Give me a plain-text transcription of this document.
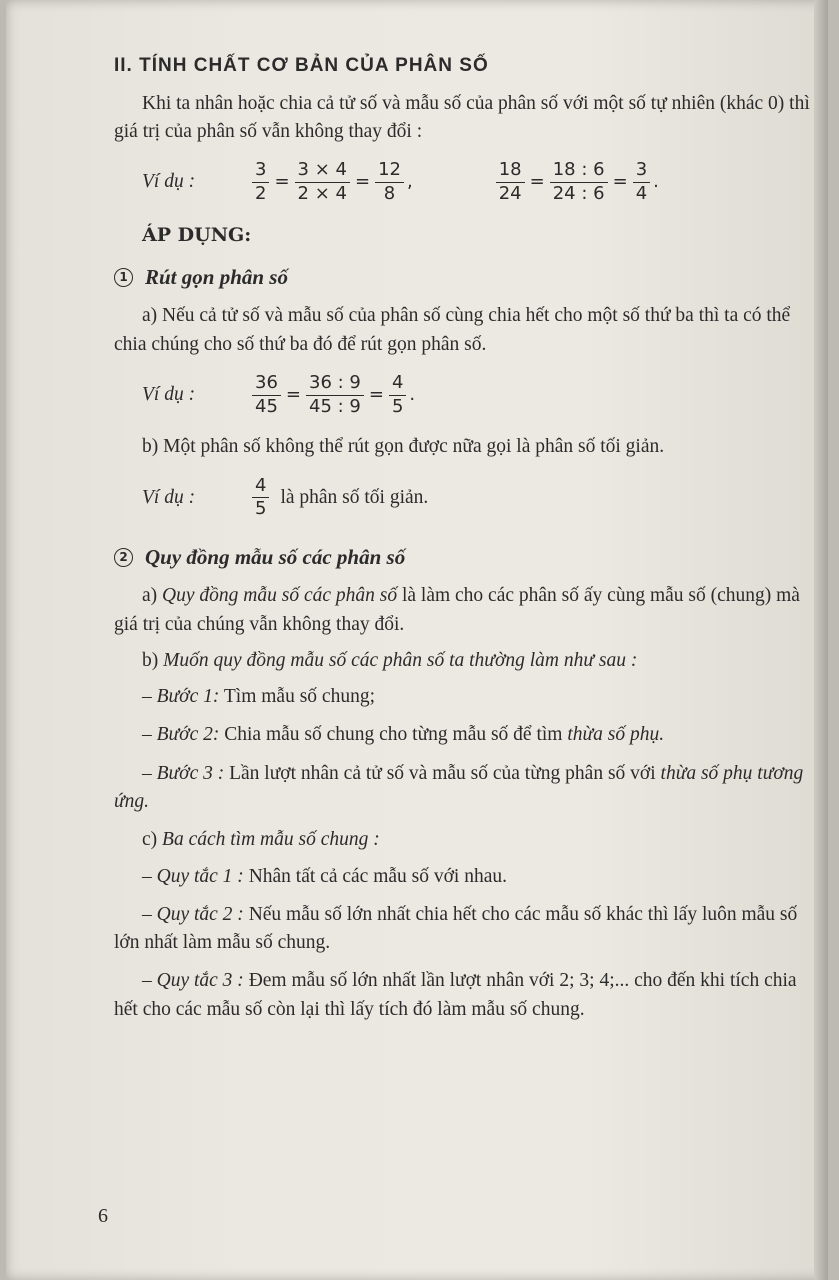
II. TÍNH CHẤT CƠ BẢN CỦA PHÂN SỐ

Khi ta nhân hoặc chia cả tử số và mẫu số của phân số với một số tự nhiên (khác 0) thì giá trị của phân số vẫn không thay đổi :

Ví dụ :	$\frac{3}{2} = \frac{3 \times 4}{2 \times 4} = \frac{12}{8}$ ,	$\frac{18}{24} = \frac{18 : 6}{24 : 6} = \frac{3}{4}$ .
ÁP DỤNG:
1 Rút gọn phân số

a) Nếu cả tử số và mẫu số của phân số cùng chia hết cho một số thứ ba thì ta có thể chia chúng cho số thứ ba đó để rút gọn phân số.

Ví dụ :	$\frac{36}{45} = \frac{36 : 9}{45 : 9} = \frac{4}{5}$ .

b) Một phân số không thể rút gọn được nữa gọi là phân số tối giản.

Ví dụ :	$\frac{4}{5}$ là phân số tối giản.
2 Quy đồng mẫu số các phân số

a) Quy đồng mẫu số các phân số là làm cho các phân số ấy cùng mẫu số (chung) mà giá trị của chúng vẫn không thay đổi.

b) Muốn quy đồng mẫu số các phân số ta thường làm như sau :

– Bước 1: Tìm mẫu số chung;

– Bước 2: Chia mẫu số chung cho từng mẫu số để tìm thừa số phụ.

– Bước 3 : Lần lượt nhân cả tử số và mẫu số của từng phân số với thừa số phụ tương ứng.

c) Ba cách tìm mẫu số chung :

– Quy tắc 1 : Nhân tất cả các mẫu số với nhau.

– Quy tắc 2 : Nếu mẫu số lớn nhất chia hết cho các mẫu số khác thì lấy luôn mẫu số lớn nhất làm mẫu số chung.

– Quy tắc 3 : Đem mẫu số lớn nhất lần lượt nhân với 2; 3; 4;... cho đến khi tích chia hết cho các mẫu số còn lại thì lấy tích đó làm mẫu số chung.

6
